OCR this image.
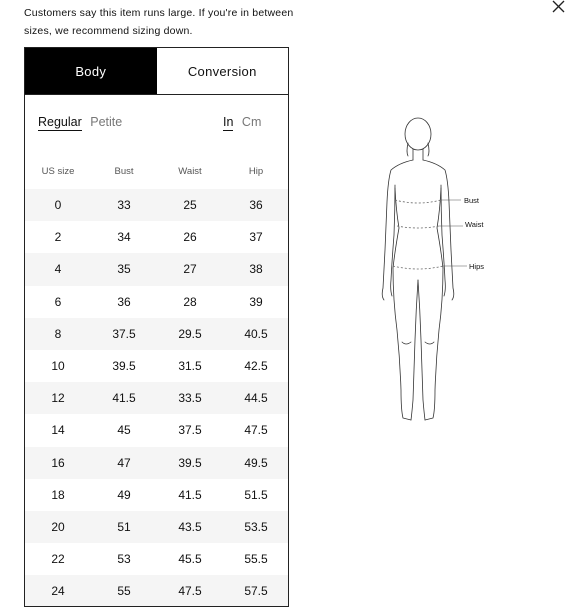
Customers say this item runs large. If you're in between
sizes, we recommend sizing down.
Body	Conversion
Regular Petite	In Cm
US size	Bust	Waist	Hip
0	33	25	36
2	34	26	37
4	35	27	38
6	36	28	39
8	37.5	29.5	40.5
10	39.5	31.5	42.5
12	41.5	33.5	44.5
14	45	37.5	47.5
16	47	39.5	49.5
18	49	41.5	51.5
20	51	43.5	53.5
22	53	45.5	55.5
24	55	47.5	57.5
Bust
Waist
Hips
